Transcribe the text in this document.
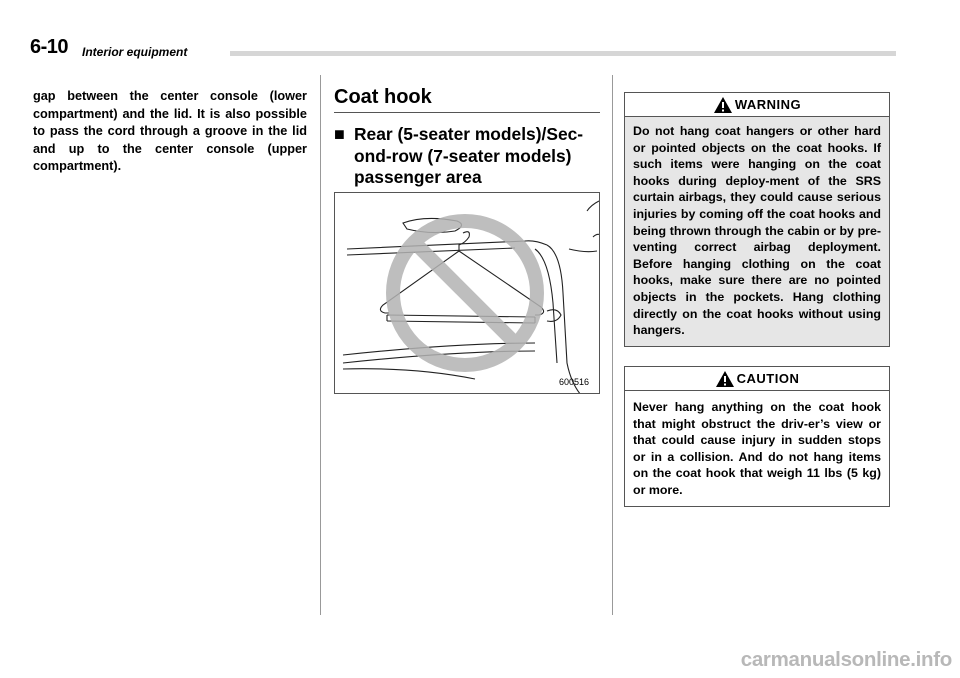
6-10 Interior equipment
gap between the center console (lower compartment) and the lid. It is also possible to pass the cord through a groove in the lid and up to the center console (upper compartment).
Coat hook
■ Rear (5-seater models)/Sec-
ond-row (7-seater models)
passenger area
600516
WARNING
Do not hang coat hangers or other hard or pointed objects on the coat hooks. If such items were hanging on the coat hooks during deploy-ment of the SRS curtain airbags, they could cause serious injuries by coming off the coat hooks and being thrown through the cabin or by pre-venting correct airbag deployment. Before hanging clothing on the coat hooks, make sure there are no pointed objects in the pockets. Hang clothing directly on the coat hooks without using hangers.
CAUTION
Never hang anything on the coat hook that might obstruct the driv-er’s view or that could cause injury in sudden stops or in a collision. And do not hang items on the coat hook that weigh 11 lbs (5 kg) or more.
carmanualsonline.info
